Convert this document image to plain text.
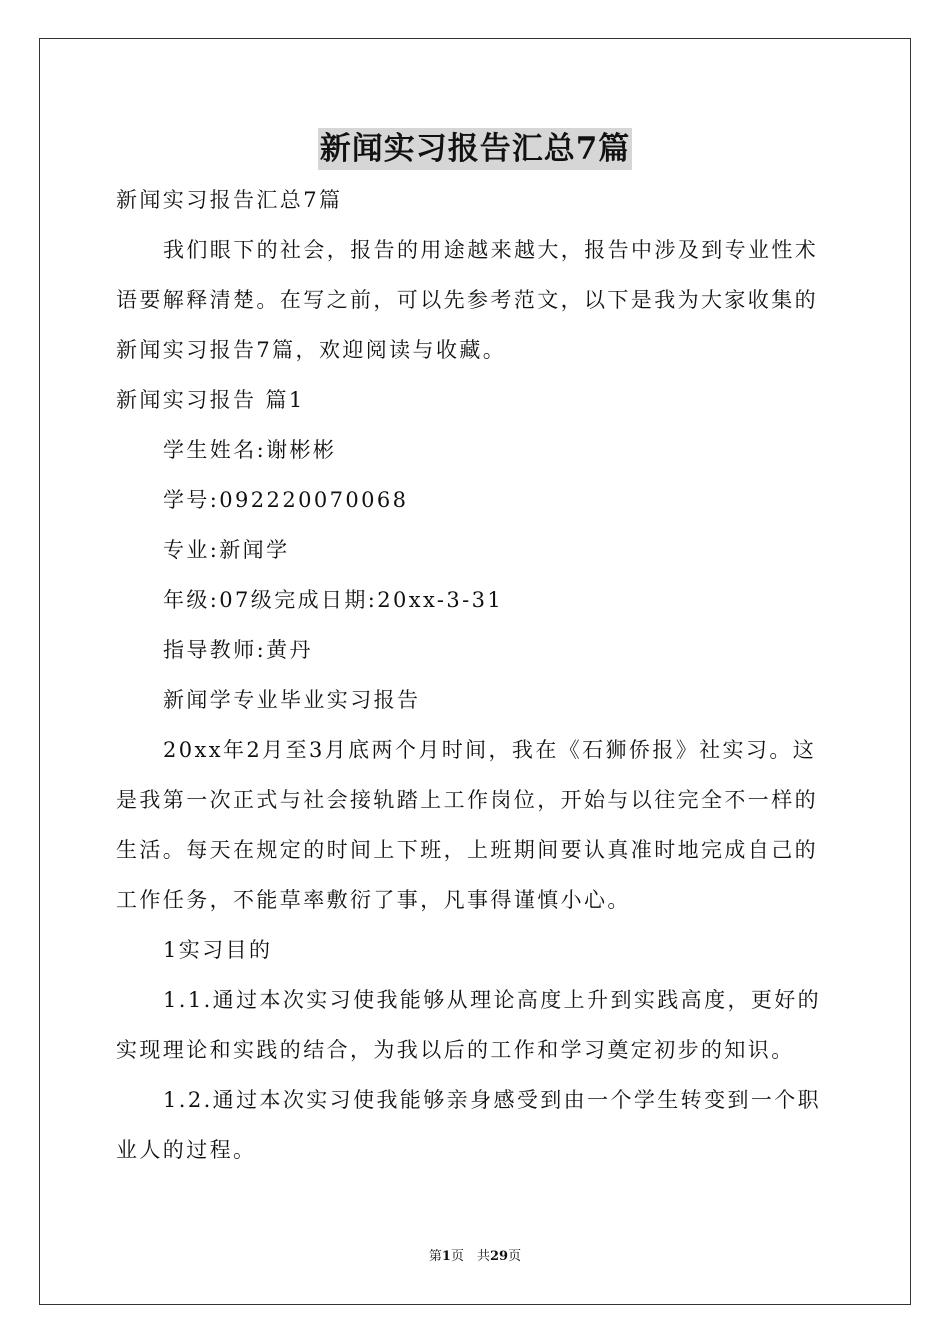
新闻实习报告汇总7篇
新闻实习报告汇总7篇
我们眼下的社会，报告的用途越来越大，报告中涉及到专业性术
语要解释清楚。在写之前，可以先参考范文，以下是我为大家收集的
新闻实习报告7篇，欢迎阅读与收藏。
新闻实习报告 篇1
学生姓名:谢彬彬
学号:092220070068
专业:新闻学
年级:07级完成日期:20xx-3-31
指导教师:黄丹
新闻学专业毕业实习报告
20xx年2月至3月底两个月时间，我在《石狮侨报》社实习。这
是我第一次正式与社会接轨踏上工作岗位，开始与以往完全不一样的
生活。每天在规定的时间上下班，上班期间要认真准时地完成自己的
工作任务，不能草率敷衍了事，凡事得谨慎小心。
1实习目的
1.1.通过本次实习使我能够从理论高度上升到实践高度，更好的
实现理论和实践的结合，为我以后的工作和学习奠定初步的知识。
1.2.通过本次实习使我能够亲身感受到由一个学生转变到一个职
业人的过程。
第1页　共29页
